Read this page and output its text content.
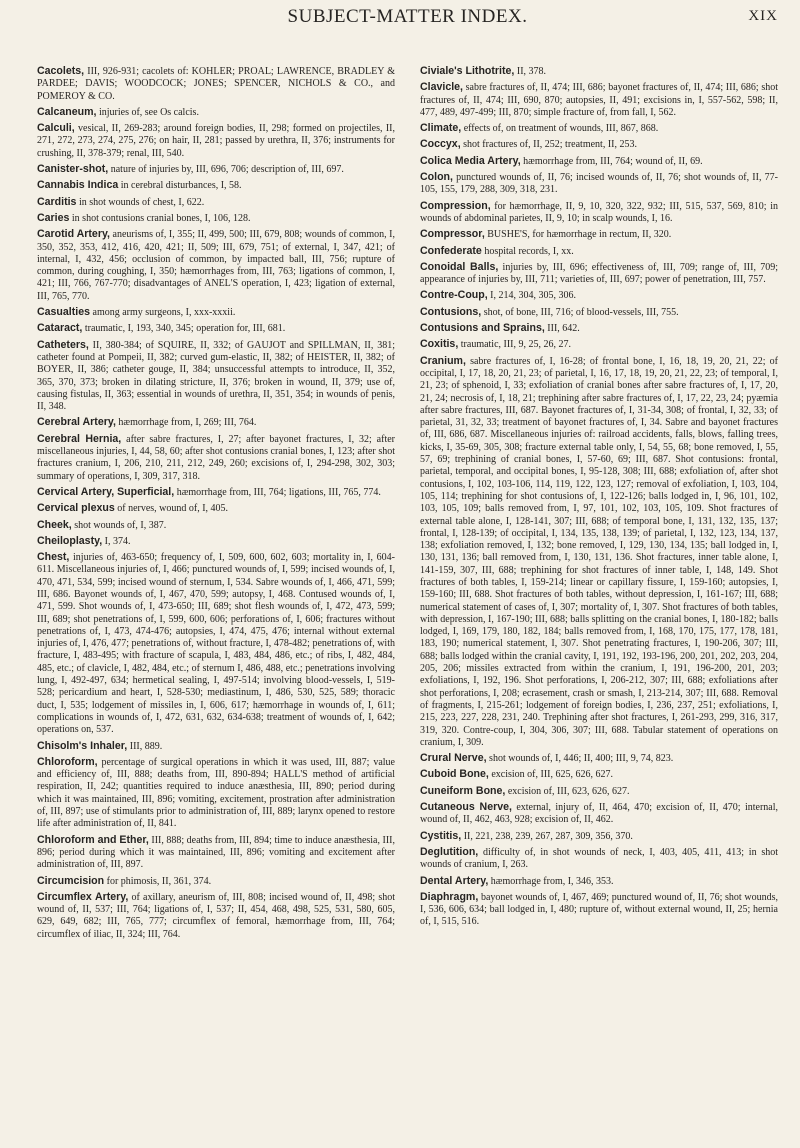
SUBJECT-MATTER INDEX.	XIX

Cacolets, III, 926-931; cacolets of: KOHLER; PROAL; LAWRENCE, BRADLEY & PARDEE; DAVIS; WOODCOCK; JONES; SPENCER, NICHOLS & CO., and POMEROY & CO.

Calcaneum, injuries of, see Os calcis.

Calculi, vesical, II, 269-283; around foreign bodies, II, 298; formed on projectiles, II, 271, 272, 273, 274, 275, 276; on hair, II, 281; passed by urethra, II, 376; instruments for crushing, II, 378-379; renal, III, 540.

Canister-shot, nature of injuries by, III, 696, 706; description of, III, 697.

Cannabis Indica in cerebral disturbances, I, 58.

Carditis in shot wounds of chest, I, 622.

Caries in shot contusions cranial bones, I, 106, 128.

Carotid Artery, aneurisms of, I, 355; II, 499, 500; III, 679, 808; wounds of common, I, 350, 352, 353, 412, 416, 420, 421; II, 509; III, 679, 751; of external, I, 347, 421; of internal, I, 432, 456; occlusion of common, by impacted ball, III, 756; rupture of common, during coughing, I, 350; hæmorrhages from, III, 763; ligations of common, I, 421; III, 766, 767-770; disadvantages of ANEL'S operation, I, 423; ligation of external, III, 765, 770.

Casualties among army surgeons, I, xxx-xxxii.

Cataract, traumatic, I, 193, 340, 345; operation for, III, 681.

Catheters, II, 380-384; of SQUIRE, II, 332; of GAUJOT and SPILLMAN, II, 381; catheter found at Pompeii, II, 382; curved gum-elastic, II, 382; of HEISTER, II, 382; of BOYER, II, 386; catheter gouge, II, 384; unsuccessful attempts to introduce, II, 352, 365, 370, 373; broken in dilating stricture, II, 376; broken in wound, II, 379; use of, causing fistulas, II, 363; essential in wounds of urethra, II, 351, 354; in wounds of penis, II, 348.

Cerebral Artery, hæmorrhage from, I, 269; III, 764.

Cerebral Hernia, after sabre fractures, I, 27; after bayonet fractures, I, 32; after miscellaneous injuries, I, 44, 58, 60; after shot contusions cranial bones, I, 123; after shot fractures cranium, I, 206, 210, 211, 212, 249, 260; excisions of, I, 294-298, 302, 303; summary of operations, I, 309, 317, 318.

Cervical Artery, Superficial, hæmorrhage from, III, 764; ligations, III, 765, 774.

Cervical plexus of nerves, wound of, I, 405.

Cheek, shot wounds of, I, 387.

Cheiloplasty, I, 374.

Chest, injuries of, 463-650; frequency of, I, 509, 600, 602, 603; mortality in, I, 604-611. Miscellaneous injuries of, I, 466; punctured wounds of, I, 599; incised wounds of, I, 470, 471, 534, 599; incised wound of sternum, I, 534. Sabre wounds of, I, 466, 471, 599; III, 686. Bayonet wounds of, I, 467, 470, 599; autopsy, I, 468. Contused wounds of, I, 471, 599. Shot wounds of, I, 473-650; III, 689; shot flesh wounds of, I, 472, 473, 599; III, 689; shot penetrations of, I, 599, 600, 606; perforations of, I, 606; fractures without penetrations of, I, 473, 474-476; autopsies, I, 474, 475, 476; internal without external injuries of, I, 476, 477; penetrations of, without fracture, I, 478-482; penetrations of, with fracture, I, 483-495; with fracture of scapula, I, 483, 484, 486, etc.; of ribs, I, 482, 484, 485, etc.; of clavicle, I, 482, 484, etc.; of sternum I, 486, 488, etc.; penetrations involving lung, I, 492-497, 634; hermetical sealing, I, 497-514; involving blood-vessels, I, 519-528; pericardium and heart, I, 528-530; mediastinum, I, 486, 530, 525, 589; thoracic duct, I, 535; lodgement of missiles in, I, 606, 617; hæmorrhage in wounds of, I, 611; complications in wounds of, I, 472, 631, 632, 634-638; treatment of wounds of, I, 642; operations on, 537.

Chisolm's Inhaler, III, 889.

Chloroform, percentage of surgical operations in which it was used, III, 887; value and efficiency of, III, 888; deaths from, III, 890-894; HALL'S method of artificial respiration, II, 242; quantities required to induce anæsthesia, III, 890; period during which it was maintained, III, 896; vomiting, excitement, prostration after administration of, III, 897; use of stimulants prior to administration of, III, 889; larynx opened to restore life after administration of, II, 841.

Chloroform and Ether, III, 888; deaths from, III, 894; time to induce anæsthesia, III, 896; period during which it was maintained, III, 896; vomiting and excitement after administration of, III, 897.

Circumcision for phimosis, II, 361, 374.

Circumflex Artery, of axillary, aneurism of, III, 808; incised wound of, II, 498; shot wound of, II, 537; III, 764; ligations of, I, 537; II, 454, 468, 498, 525, 531, 580, 605, 629, 649, 682; III, 765, 777; circumflex of femoral, hæmorrhage from, III, 764; circumflex of iliac, II, 324; III, 764.

Civiale's Lithotrite, II, 378.

Clavicle, sabre fractures of, II, 474; III, 686; bayonet fractures of, II, 474; III, 686; shot fractures of, II, 474; III, 690, 870; autopsies, II, 491; excisions in, I, 557-562, 598; II, 477, 489, 497-499; III, 870; simple fracture of, from fall, I, 562.

Climate, effects of, on treatment of wounds, III, 867, 868.

Coccyx, shot fractures of, II, 252; treatment, II, 253.

Colica Media Artery, hæmorrhage from, III, 764; wound of, II, 69.

Colon, punctured wounds of, II, 76; incised wounds of, II, 76; shot wounds of, II, 77-105, 155, 179, 288, 309, 318, 231.

Compression, for hæmorrhage, II, 9, 10, 320, 322, 932; III, 515, 537, 569, 810; in wounds of abdominal parietes, II, 9, 10; in scalp wounds, I, 16.

Compressor, BUSHE'S, for hæmorrhage in rectum, II, 320.

Confederate hospital records, I, xx.

Conoidal Balls, injuries by, III, 696; effectiveness of, III, 709; range of, III, 709; appearance of injuries by, III, 711; varieties of, III, 697; power of penetration, III, 757.

Contre-Coup, I, 214, 304, 305, 306.

Contusions, shot, of bone, III, 716; of blood-vessels, III, 755.

Contusions and Sprains, III, 642.

Coxitis, traumatic, III, 9, 25, 26, 27.

Cranium, sabre fractures of, I, 16-28; of frontal bone, I, 16, 18, 19, 20, 21, 22; of occipital, I, 17, 18, 20, 21, 23; of parietal, I, 16, 17, 18, 19, 20, 21, 22, 23; of temporal, I, 21, 23; of sphenoid, I, 33; exfoliation of cranial bones after sabre fractures of, I, 17, 20, 21, 24; necrosis of, I, 18, 21; trephining after sabre fractures of, I, 17, 22, 23, 24; pyæmia after sabre fractures, III, 687. Bayonet fractures of, I, 31-34, 308; of frontal, I, 32, 33; of parietal, 31, 32, 33; treatment of bayonet fractures of, I, 34. Sabre and bayonet fractures of, III, 686, 687. Miscellaneous injuries of: railroad accidents, falls, blows, falling trees, kicks, I, 35-69, 305, 308; fracture external table only, I, 54, 55, 68; bone removed, I, 55, 57, 69; trephining of cranial bones, I, 57-60, 69; III, 687. Shot contusions: frontal, parietal, temporal, and occipital bones, I, 95-128, 308; III, 688; exfoliation of, after shot contusions, I, 102, 103-106, 114, 119, 122, 123, 127; removal of exfoliation, I, 103, 104, 105, 114; trephining for shot contusions of, I, 122-126; balls lodged in, I, 96, 101, 102, 103, 105, 109; balls removed from, I, 97, 101, 102, 103, 105, 109. Shot fractures of external table alone, I, 128-141, 307; III, 688; of temporal bone, I, 131, 132, 135, 137; frontal, I, 128-139; of occipital, I, 134, 135, 138, 139; of parietal, I, 132, 123, 134, 137, 138; exfoliation removed, I, 132; bone removed, I, 129, 130, 134, 135; ball lodged in, I, 130, 131, 136; ball removed from, I, 130, 131, 136. Shot fractures, inner table alone, I, 141-159, 307, III, 688; trephining for shot fractures of inner table, I, 148, 149. Shot fractures of both tables, I, 159-214; linear or capillary fissure, I, 159-160; autopsies, I, 159-160; III, 688. Shot fractures of both tables, without depression, I, 161-167; III, 688; numerical statement of cases of, I, 307; mortality of, I, 307. Shot fractures of both tables, with depression, I, 167-190; III, 688; balls splitting on the cranial bones, I, 180-182; balls lodged, I, 169, 179, 180, 182, 184; balls removed from, I, 168, 170, 175, 177, 178, 181, 183, 190; numerical statement, I, 307. Shot penetrating fractures, I, 190-206, 307; III, 688; balls lodged within the cranial cavity, I, 191, 192, 193-196, 200, 201, 202, 203, 204, 205, 206; missiles extracted from within the cranium, I, 191, 196-200, 201, 203; exfoliations, I, 192, 196. Shot perforations, I, 206-212, 307; III, 688; exfoliations after shot perforations, I, 208; ecrasement, crash or smash, I, 213-214, 307; III, 688. Removal of fragments, I, 215-261; lodgement of foreign bodies, I, 236, 237, 251; exfoliations, I, 215, 223, 227, 228, 231, 240. Trephining after shot fractures, I, 261-293, 299, 316, 317, 319, 320. Contre-coup, I, 304, 306, 307; III, 688. Tabular statement of operations on cranium, I, 309.

Crural Nerve, shot wounds of, I, 446; II, 400; III, 9, 74, 823.

Cuboid Bone, excision of, III, 625, 626, 627.

Cuneiform Bone, excision of, III, 623, 626, 627.

Cutaneous Nerve, external, injury of, II, 464, 470; excision of, II, 470; internal, wound of, II, 462, 463, 928; excision of, II, 462.

Cystitis, II, 221, 238, 239, 267, 287, 309, 356, 370.

Deglutition, difficulty of, in shot wounds of neck, I, 403, 405, 411, 413; in shot wounds of cranium, I, 263.

Dental Artery, hæmorrhage from, I, 346, 353.

Diaphragm, bayonet wounds of, I, 467, 469; punctured wound of, II, 76; shot wounds, I, 536, 606, 634; ball lodged in, I, 480; rupture of, without external wound, II, 25; hernia of, I, 515, 516.
